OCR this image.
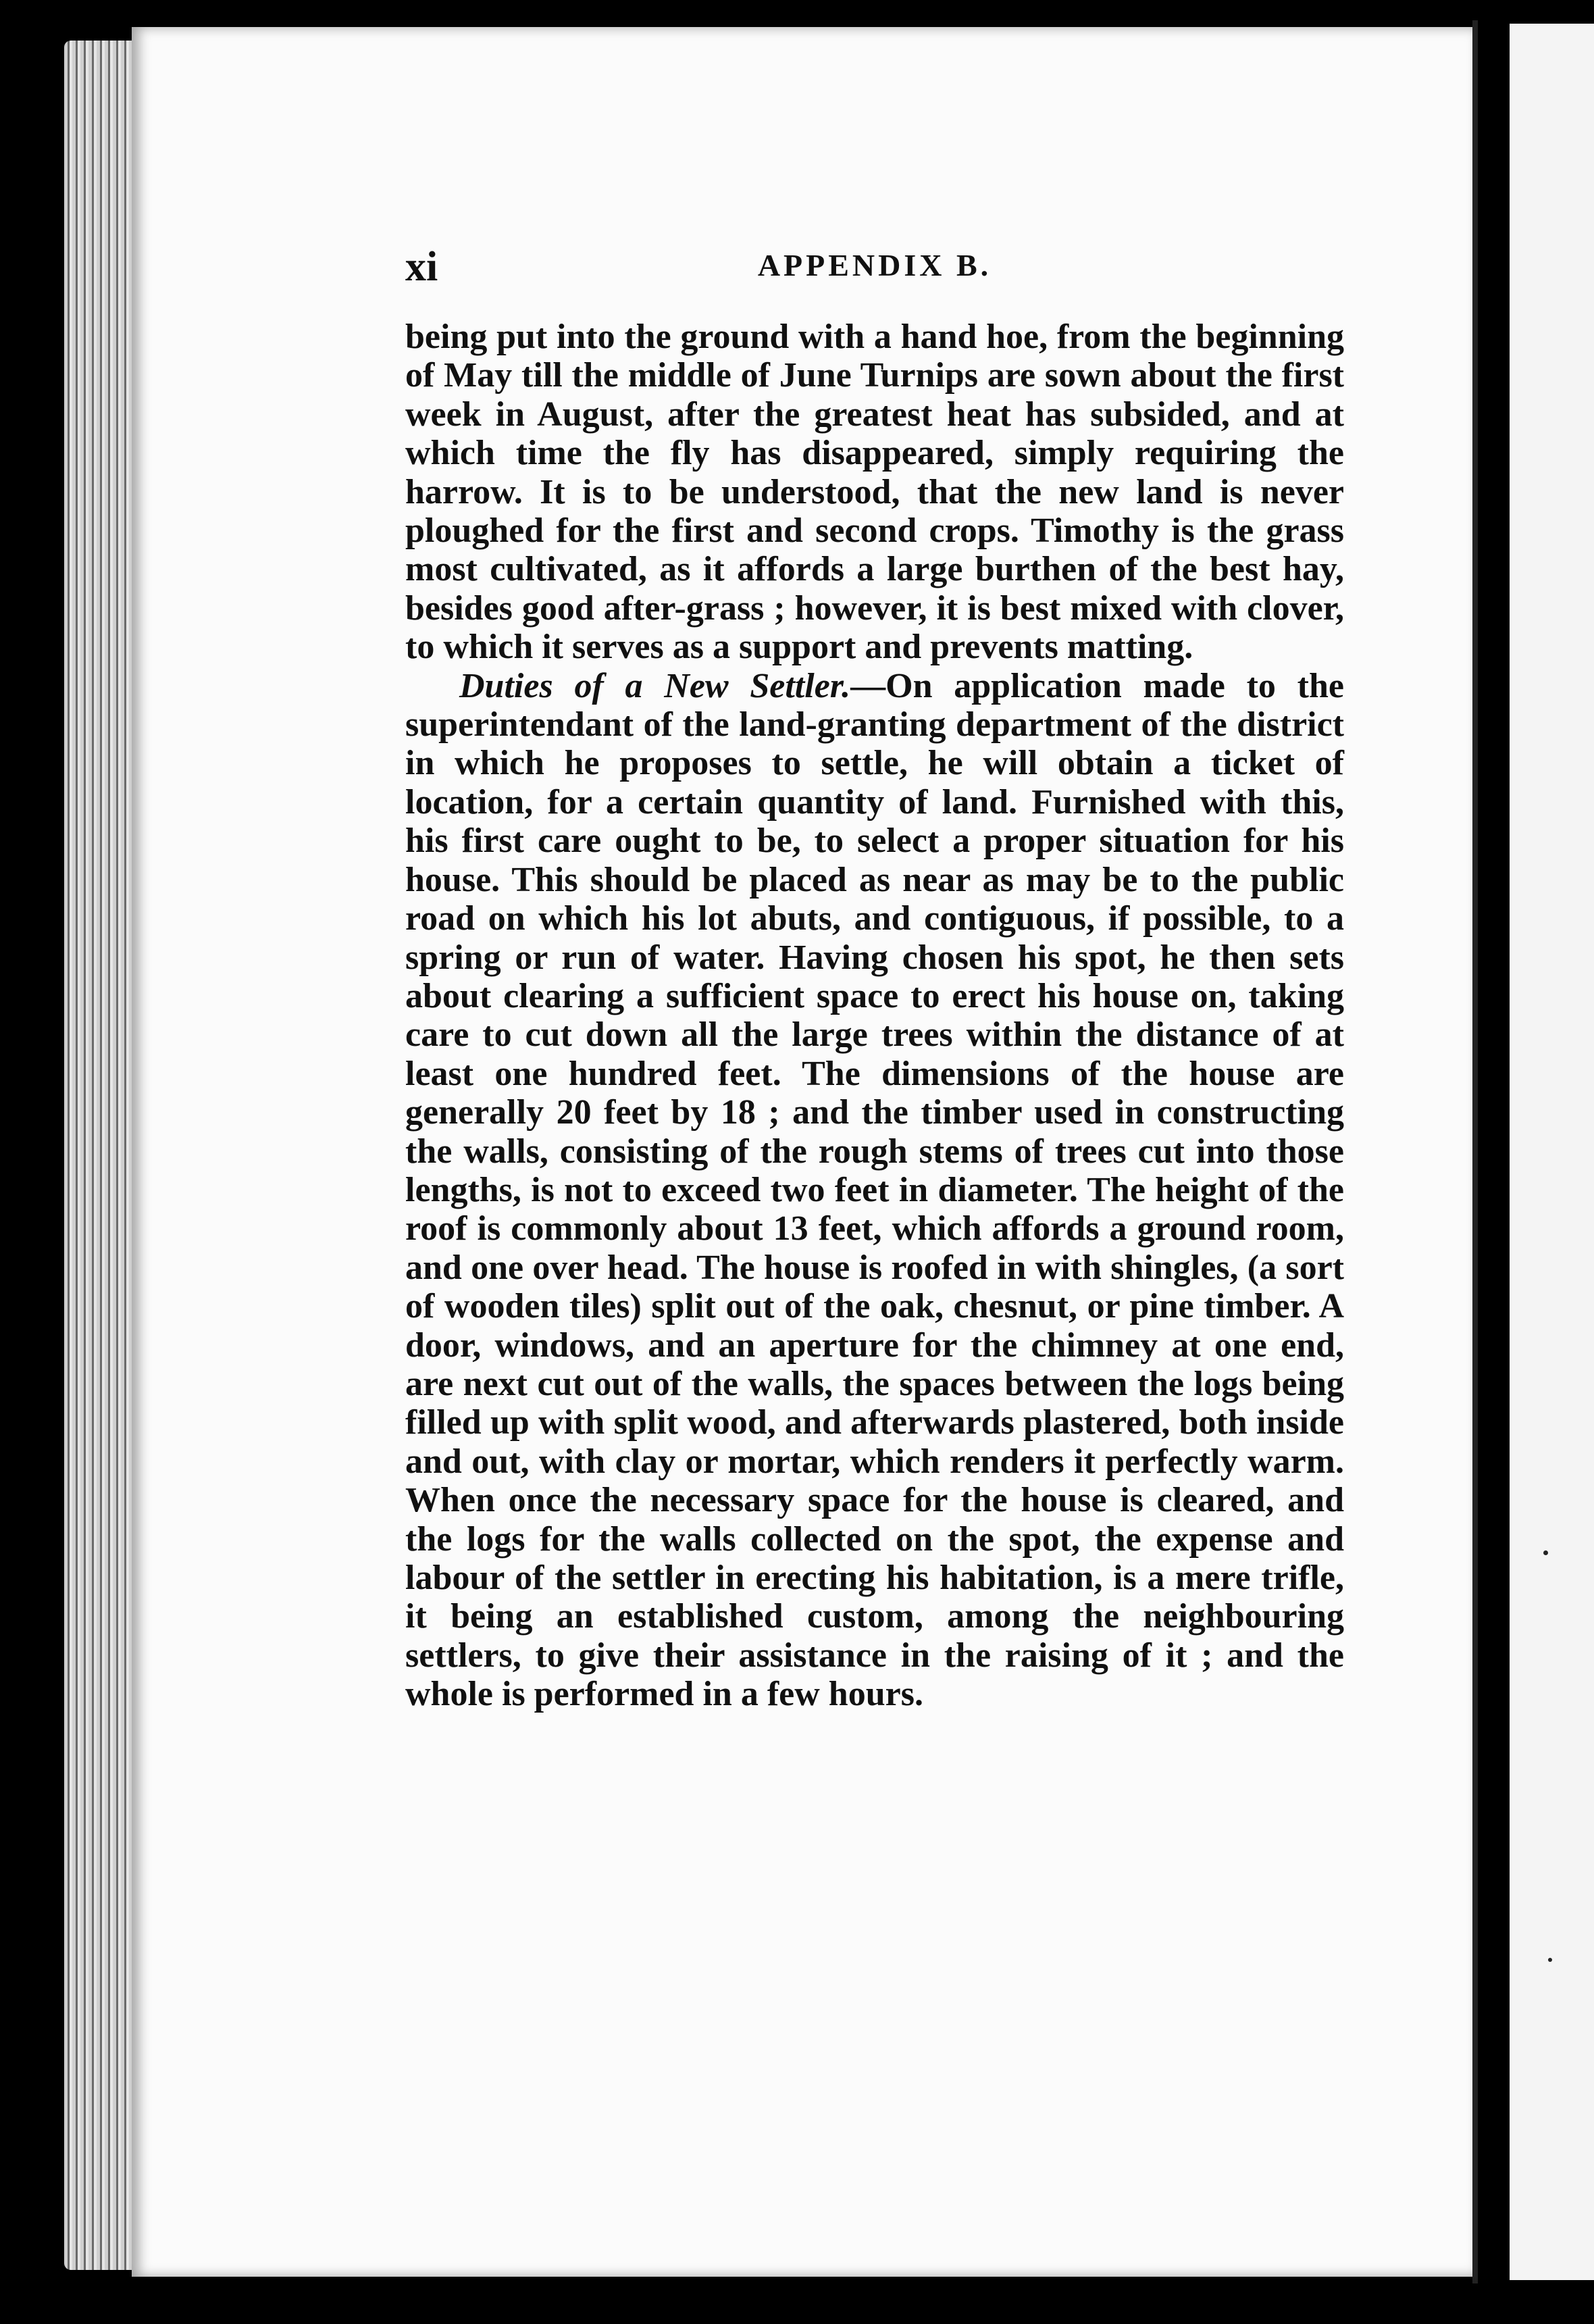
xi	APPENDIX B.

being put into the ground with a hand hoe, from the beginning of May till the middle of June Turnips are sown about the first week in August, after the greatest heat has subsided, and at which time the fly has disappeared, simply requiring the harrow. It is to be understood, that the new land is never ploughed for the first and second crops. Timothy is the grass most cultivated, as it affords a large burthen of the best hay, besides good after-grass ; however, it is best mixed with clover, to which it serves as a support and prevents matting.

Duties of a New Settler.—On application made to the superintendant of the land-granting department of the district in which he proposes to settle, he will obtain a ticket of location, for a certain quantity of land. Furnished with this, his first care ought to be, to select a proper situation for his house. This should be placed as near as may be to the public road on which his lot abuts, and contiguous, if possible, to a spring or run of water. Having chosen his spot, he then sets about clearing a sufficient space to erect his house on, taking care to cut down all the large trees within the distance of at least one hundred feet. The dimensions of the house are generally 20 feet by 18 ; and the timber used in constructing the walls, consisting of the rough stems of trees cut into those lengths, is not to exceed two feet in diameter. The height of the roof is commonly about 13 feet, which affords a ground room, and one over head. The house is roofed in with shingles, (a sort of wooden tiles) split out of the oak, chesnut, or pine timber. A door, windows, and an aperture for the chimney at one end, are next cut out of the walls, the spaces between the logs being filled up with split wood, and afterwards plastered, both inside and out, with clay or mortar, which renders it perfectly warm. When once the necessary space for the house is cleared, and the logs for the walls collected on the spot, the expense and labour of the settler in erecting his habitation, is a mere trifle, it being an established custom, among the neighbouring settlers, to give their assistance in the raising of it ; and the whole is performed in a few hours.
